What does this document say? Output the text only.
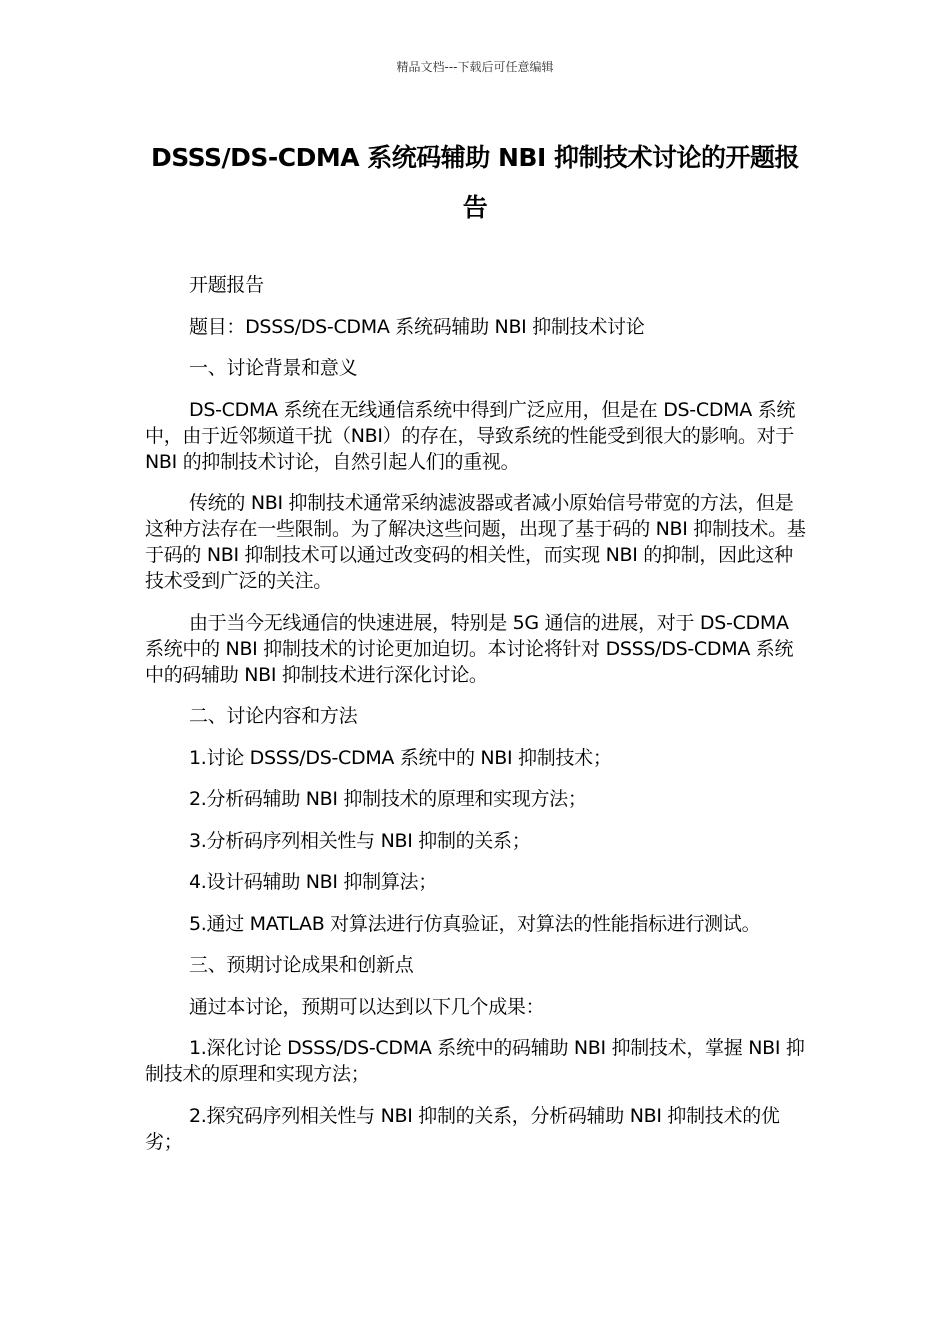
精品文档---下载后可任意编辑
DSSS/DS-CDMA 系统码辅助 NBI 抑制技术讨论的开题报告

开题报告

题目：DSSS/DS-CDMA 系统码辅助 NBI 抑制技术讨论

一、讨论背景和意义

DS-CDMA 系统在无线通信系统中得到广泛应用，但是在 DS-CDMA 系统中，由于近邻频道干扰（NBI）的存在，导致系统的性能受到很大的影响。对于 NBI 的抑制技术讨论，自然引起人们的重视。

传统的 NBI 抑制技术通常采纳滤波器或者减小原始信号带宽的方法，但是这种方法存在一些限制。为了解决这些问题，出现了基于码的 NBI 抑制技术。基于码的 NBI 抑制技术可以通过改变码的相关性，而实现 NBI 的抑制，因此这种技术受到广泛的关注。

由于当今无线通信的快速进展，特别是 5G 通信的进展，对于 DS-CDMA 系统中的 NBI 抑制技术的讨论更加迫切。本讨论将针对 DSSS/DS-CDMA 系统中的码辅助 NBI 抑制技术进行深化讨论。

二、讨论内容和方法

1.讨论 DSSS/DS-CDMA 系统中的 NBI 抑制技术；

2.分析码辅助 NBI 抑制技术的原理和实现方法；

3.分析码序列相关性与 NBI 抑制的关系；

4.设计码辅助 NBI 抑制算法；

5.通过 MATLAB 对算法进行仿真验证，对算法的性能指标进行测试。

三、预期讨论成果和创新点

通过本讨论，预期可以达到以下几个成果：

1.深化讨论 DSSS/DS-CDMA 系统中的码辅助 NBI 抑制技术，掌握 NBI 抑制技术的原理和实现方法；

2.探究码序列相关性与 NBI 抑制的关系，分析码辅助 NBI 抑制技术的优劣；
